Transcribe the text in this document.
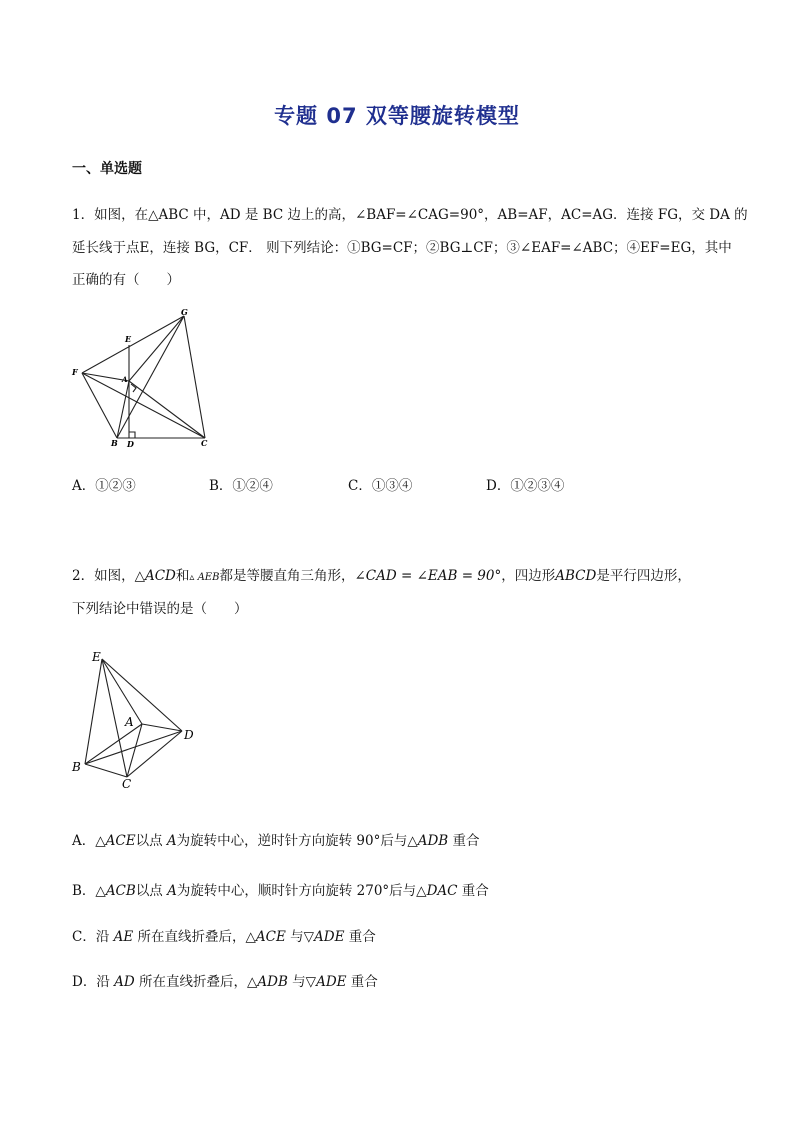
专题 07 双等腰旋转模型
一、单选题
1．如图，在△ABC 中，AD 是 BC 边上的高，∠BAF=∠CAG=90°，AB=AF，AC=AG．连接 FG，交 DA 的
延长线于点E，连接 BG，CF． 则下列结论：①BG=CF；②BG⊥CF；③∠EAF=∠ABC；④EF=EG，其中
正确的有（　　）
G
E
F
A
B D	C
A．①②③	B．①②④	C．①③④	D．①②③④
2．如图，△ACD和▵ AEB都是等腰直角三角形，∠CAD = ∠EAB = 90°，四边形ABCD是平行四边形，
下列结论中错误的是（　　）
E
A
D
B
C
A．△ACE以点 A为旋转中心，逆时针方向旋转 90°后与△ADB 重合
B．△ACB以点 A为旋转中心，顺时针方向旋转 270°后与△DAC 重合
C．沿 AE 所在直线折叠后，△ACE 与▽ADE 重合
D．沿 AD 所在直线折叠后，△ADB 与▽ADE 重合
